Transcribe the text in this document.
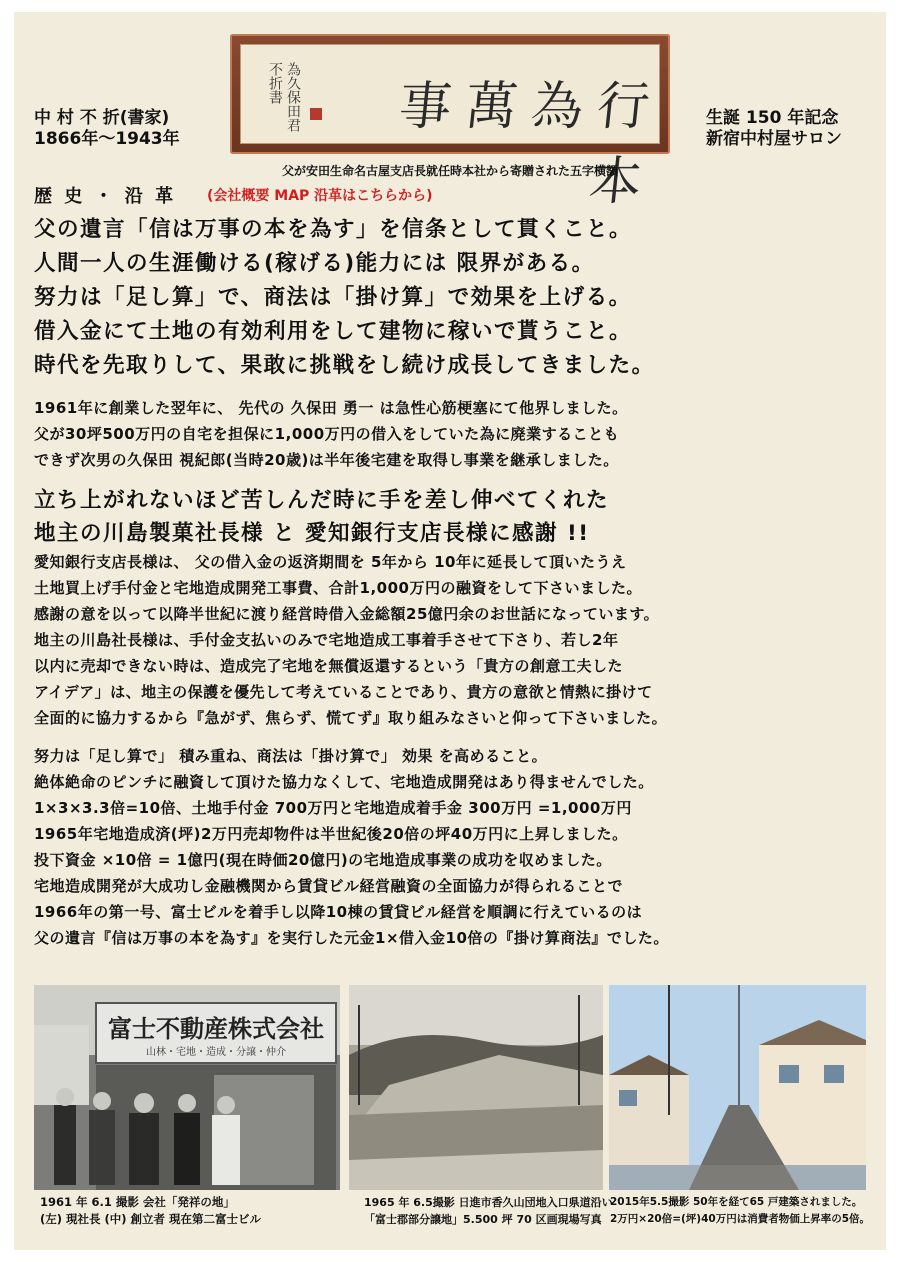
為久保田君 不折書	行為萬事本
父が安田生命名古屋支店長就任時本社から寄贈された五字横額
中 村 不 折(書家)
1866年〜1943年
生誕 150 年記念
新宿中村屋サロン
歴 史 ・ 沿 革 (会社概要 MAP 沿革はこちらから)
父の遺言「信は万事の本を為す」を信条として貫くこと。
人間一人の生涯働ける(稼げる)能力には 限界がある。
努力は「足し算」で、商法は「掛け算」で効果を上げる。
借入金にて土地の有効利用をして建物に稼いで貰うこと。
時代を先取りして、果敢に挑戦をし続け成長してきました。
1961年に創業した翌年に、 先代の 久保田 勇一 は急性心筋梗塞にて他界しました。
父が30坪500万円の自宅を担保に1,000万円の借入をしていた為に廃業することも
できず次男の久保田 視紀郎(当時20歳)は半年後宅建を取得し事業を継承しました。
立ち上がれないほど苦しんだ時に手を差し伸べてくれた
地主の川島製菓社長様 と 愛知銀行支店長様に感謝 !!
愛知銀行支店長様は、 父の借入金の返済期間を 5年から 10年に延長して頂いたうえ
土地買上げ手付金と宅地造成開発工事費、合計1,000万円の融資をして下さいました。
感謝の意を以って以降半世紀に渡り経営時借入金総額25億円余のお世話になっています。
地主の川島社長様は、手付金支払いのみで宅地造成工事着手させて下さり、若し2年
以内に売却できない時は、造成完了宅地を無償返還するという「貴方の創意工夫した
アイデア」は、地主の保護を優先して考えていることであり、貴方の意欲と情熱に掛けて
全面的に協力するから『急がず、焦らず、慌てず』取り組みなさいと仰って下さいました。
努力は「足し算で」 積み重ね、商法は「掛け算で」 効果 を高めること。
絶体絶命のピンチに融資して頂けた協力なくして、宅地造成開発はあり得ませんでした。
1×3×3.3倍=10倍、土地手付金 700万円と宅地造成着手金 300万円 =1,000万円
1965年宅地造成済(坪)2万円売却物件は半世紀後20倍の坪40万円に上昇しました。
投下資金 ×10倍 = 1億円(現在時価20億円)の宅地造成事業の成功を収めました。
宅地造成開発が大成功し金融機関から賃貸ビル経営融資の全面協力が得られることで
1966年の第一号、富士ビルを着手し以降10棟の賃貸ビル経営を順調に行えているのは
父の遺言『信は万事の本を為す』を実行した元金1×借入金10倍の『掛け算商法』でした。
富士不動産株式会社
山林・宅地・造成・分譲・仲介
1961 年 6.1 撮影 会社「発祥の地」
(左) 現社長 (中) 創立者 現在第二富士ビル
1965 年 6.5撮影 日進市香久山団地入口県道沿い
「富士郡部分譲地」5.500 坪 70 区画現場写真
2015年5.5撮影 50年を経て65 戸建築されました。
2万円×20倍=(坪)40万円は消費者物価上昇率の5倍。
